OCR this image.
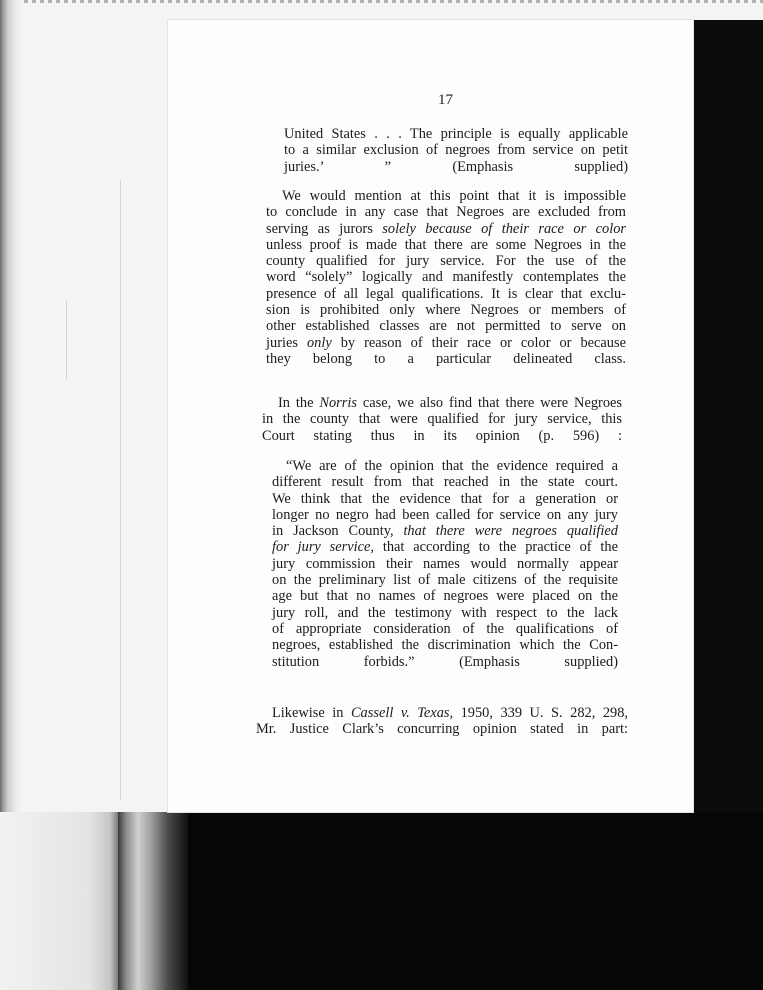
17
United States . . . The principle is equally applicable
to a similar exclusion of negroes from service on petit
juries.’ ” (Emphasis supplied)
We would mention at this point that it is impossible
to conclude in any case that Negroes are excluded from
serving as jurors solely because of their race or color
unless proof is made that there are some Negroes in the
county qualified for jury service. For the use of the
word “solely” logically and manifestly contemplates the
presence of all legal qualifications. It is clear that exclu-
sion is prohibited only where Negroes or members of
other established classes are not permitted to serve on
juries only by reason of their race or color or because
they belong to a particular delineated class.
In the Norris case, we also find that there were Negroes
in the county that were qualified for jury service, this
Court stating thus in its opinion (p. 596) :
“We are of the opinion that the evidence required a
different result from that reached in the state court.
We think that the evidence that for a generation or
longer no negro had been called for service on any jury
in Jackson County, that there were negroes qualified
for jury service, that according to the practice of the
jury commission their names would normally appear
on the preliminary list of male citizens of the requisite
age but that no names of negroes were placed on the
jury roll, and the testimony with respect to the lack
of appropriate consideration of the qualifications of
negroes, established the discrimination which the Con-
stitution forbids.” (Emphasis supplied)
Likewise in Cassell v. Texas, 1950, 339 U. S. 282, 298,
Mr. Justice Clark’s concurring opinion stated in part:
